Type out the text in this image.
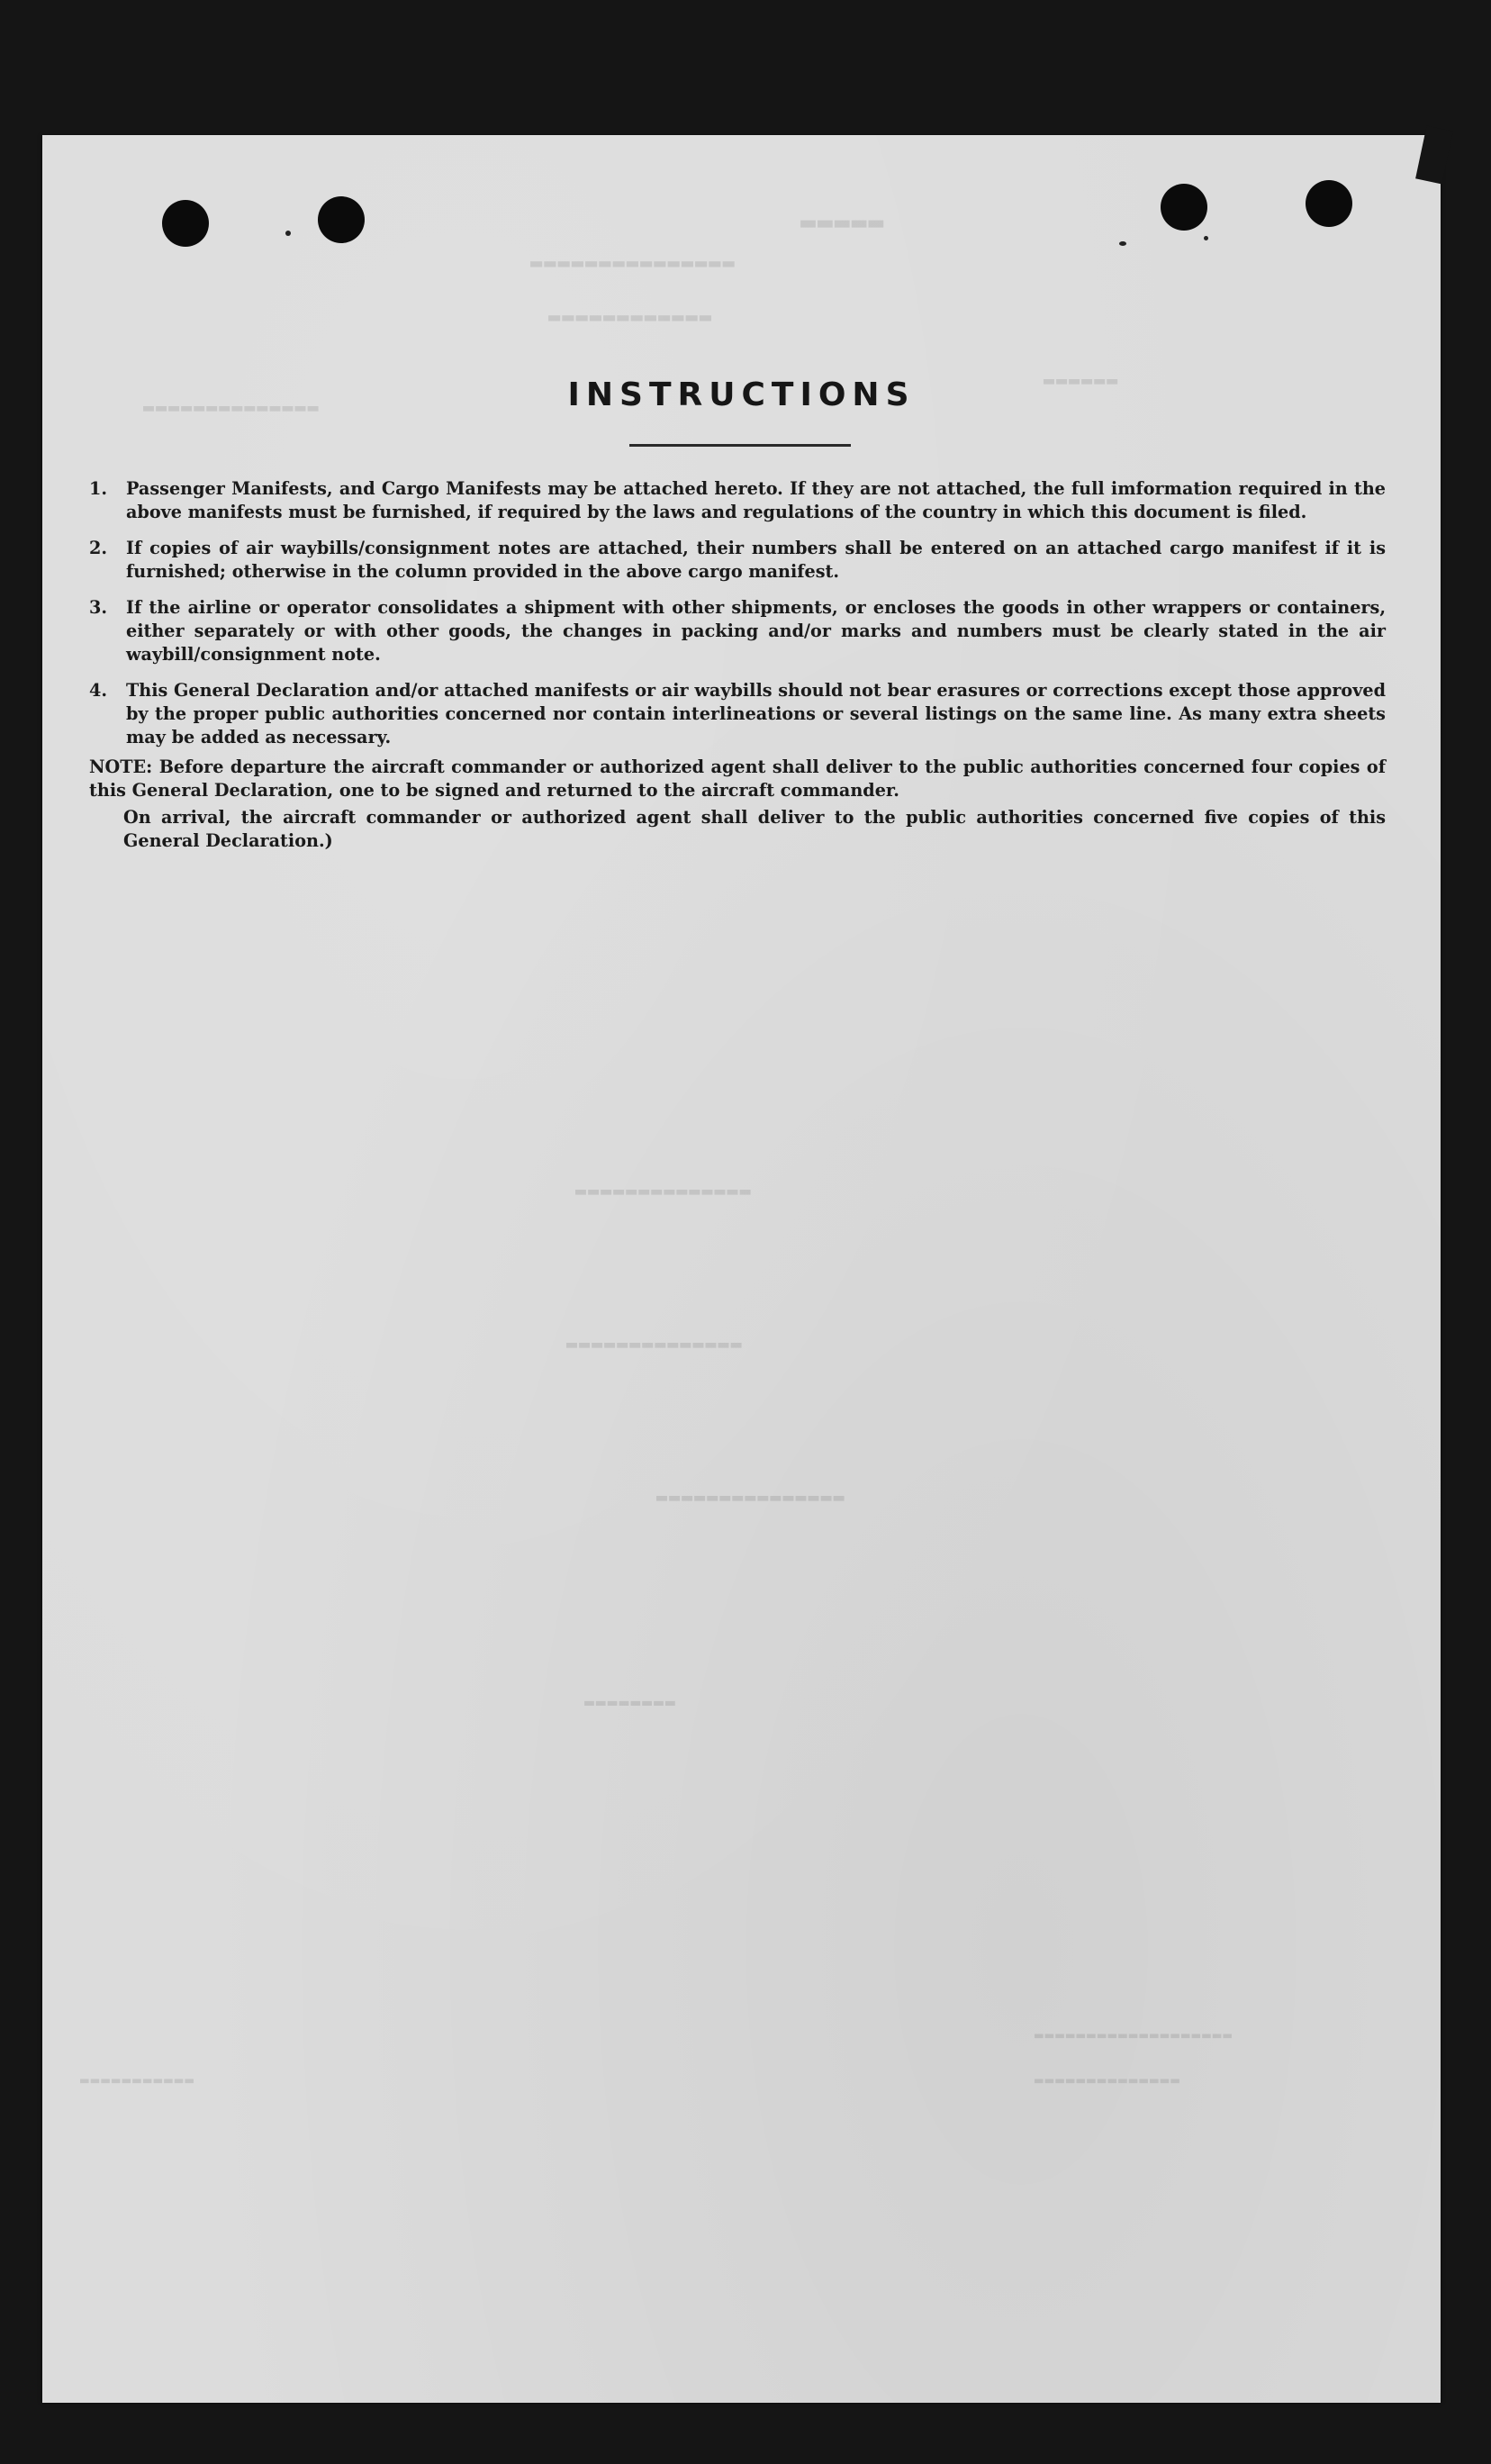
▬▬▬▬▬
▬▬▬▬▬▬▬▬▬▬▬▬▬▬▬
▬▬▬▬▬▬▬▬▬▬▬▬
▬▬▬▬▬▬▬▬▬▬▬▬▬▬
▬▬▬▬▬▬
▬▬▬▬▬▬▬▬▬▬▬▬▬▬
▬▬▬▬▬▬▬▬▬▬▬▬▬▬
▬▬▬▬▬▬▬▬▬▬▬▬▬▬▬
▬▬▬▬▬▬▬▬
▬▬▬▬▬▬▬▬▬▬▬▬▬▬▬▬▬▬▬
▬▬▬▬▬▬▬▬▬▬▬▬▬▬
▬▬▬▬▬▬▬▬▬▬▬
INSTRUCTIONS
1. Passenger Manifests, and Cargo Manifests may be attached hereto. If they are not attached, the full imformation required in the above manifests must be furnished, if required by the laws and regulations of the country in which this document is filed.
2. If copies of air waybills/consignment notes are attached, their numbers shall be entered on an attached cargo manifest if it is furnished; otherwise in the column provided in the above cargo manifest.
3. If the airline or operator consolidates a shipment with other shipments, or encloses the goods in other wrappers or containers, either separately or with other goods, the changes in packing and/or marks and numbers must be clearly stated in the air waybill/consignment note.
4. This General Declaration and/or attached manifests or air waybills should not bear erasures or corrections except those approved by the proper public authorities concerned nor contain interlineations or several listings on the same line. As many extra sheets may be added as necessary.

NOTE: Before departure the aircraft commander or authorized agent shall deliver to the public authorities concerned four copies of this General Declaration, one to be signed and returned to the aircraft commander.

On arrival, the aircraft commander or authorized agent shall deliver to the public authorities concerned five copies of this General Declaration.)
